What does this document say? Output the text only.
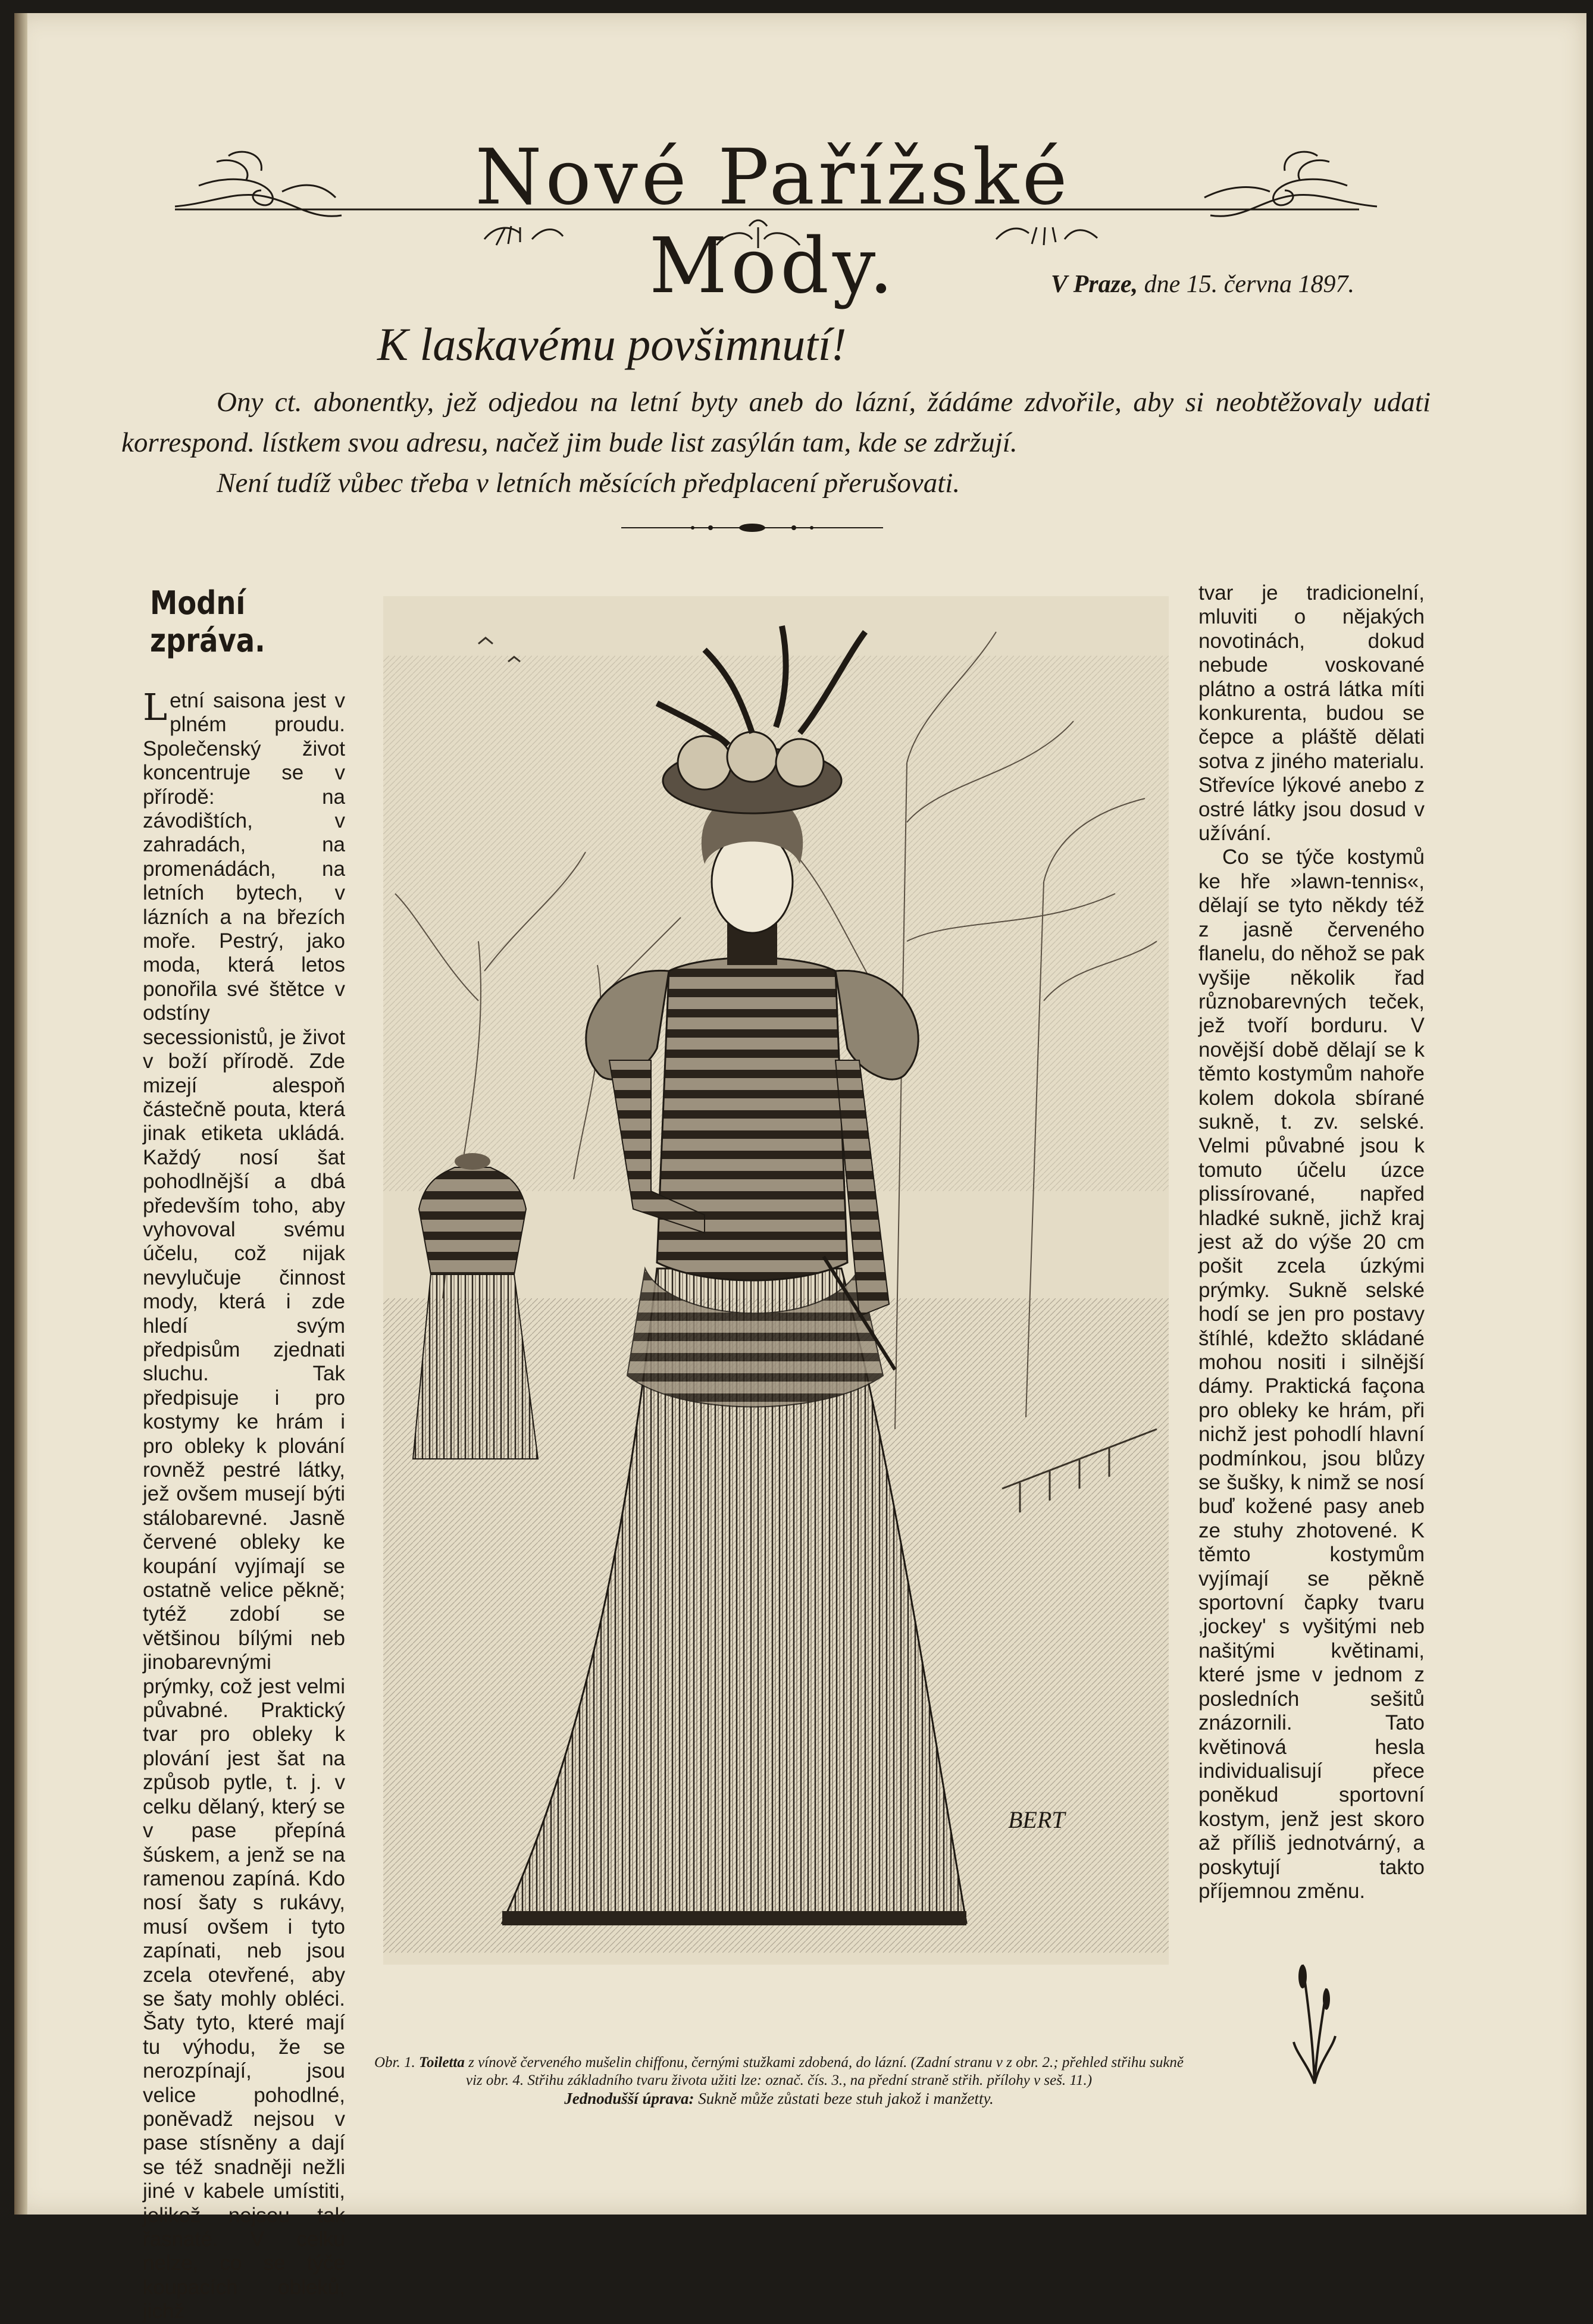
Nové Pařížské Mody.	V Praze, dne 15. června 1897.
K laskavému povšimnutí!

Ony ct. abonentky, jež odjedou na letní byty aneb do lázní, žádáme zdvořile, aby si neobtěžovaly udati korrespond. lístkem svou adresu, načež jim bude list zasýlán tam, kde se zdržují.

Není tudíž vůbec třeba v letních měsících předplacení přerušovati.

Modní zpráva.

Letní saisona jest v plném proudu. Společenský život koncentruje se v přírodě: na závodištích, v zahradách, na promenádách, na letních bytech, v lázních a na březích moře. Pestrý, jako moda, která letos ponořila své štětce v odstíny secessionistů, je život v boží přírodě. Zde mizejí alespoň částečně pouta, která jinak etiketa ukládá. Každý nosí šat pohodlnější a dbá především toho, aby vyhovoval svému účelu, což nijak nevylučuje činnost mody, která i zde hledí svým předpisům zjednati sluchu. Tak předpisuje i pro kostymy ke hrám i pro obleky k plování rovněž pestré látky, jež ovšem musejí býti stálobarevné. Jasně červené obleky ke koupání vyjímají se ostatně velice pěkně; tytéž zdobí se většinou bílými neb jinobarevnými prýmky, což jest velmi půvabné. Praktický tvar pro obleky k plování jest šat na způsob pytle, t. j. v celku dělaný, který se v pase přepíná šúskem, a jenž se na ramenou zapíná. Kdo nosí šaty s rukávy, musí ovšem i tyto zapínati, neb jsou zcela otevřené, aby se šaty mohly obléci. Šaty tyto, které mají tu výhodu, že se nerozpínají, jsou velice pohodlné, poněvadž nejsou v pase stísněny a dají se též snadněji nežli jiné v kabele umístiti, jelikož nejsou tak řasnaté. V celku nelze, co se týče koupacích obleků, jichž

BERT

tvar je tradicionelní, mluviti o nějakých novotinách, dokud nebude voskované plátno a ostrá látka míti konkurenta, budou se čepce a pláště dělati sotva z jiného materialu. Střevíce lýkové anebo z ostré látky jsou dosud v užívání.

Co se týče kostymů ke hře »lawn-tennis«, dělají se tyto někdy též z jasně červeného flanelu, do něhož se pak vyšije několik řad různobarevných teček, jež tvoří borduru. V novější době dělají se k těmto kostymům nahoře kolem dokola sbírané sukně, t. zv. selské. Velmi půvabné jsou k tomuto účelu úzce plissírované, napřed hladké sukně, jichž kraj jest až do výše 20 cm pošit zcela úzkými prýmky. Sukně selské hodí se jen pro postavy štíhlé, kdežto skládané mohou nositi i silnější dámy. Praktická façona pro obleky ke hrám, při nichž jest pohodlí hlavní podmínkou, jsou blůzy se šušky, k nimž se nosí buď kožené pasy aneb ze stuhy zhotovené. K těmto kostymům vyjímají se pěkně sportovní čapky tvaru ‚jockey' s vyšitými neb našitými květinami, které jsme v jednom z posledních sešitů znázornili. Tato květinová hesla individualisují přece poněkud sportovní kostym, jenž jest skoro až příliš jednotvárný, a poskytují takto příjemnou změnu.

Obr. 1. Toiletta z vínově červeného mušelin chiffonu, černými stužkami zdobená, do lázní. (Zadní stranu v z obr. 2.; přehled střihu sukně viz obr. 4. Střihu základního tvaru života užiti lze: označ. čís. 3., na přední straně střih. přílohy v seš. 11.)

Jednodušší úprava: Sukně může zůstati beze stuh jakož i manžetty.
